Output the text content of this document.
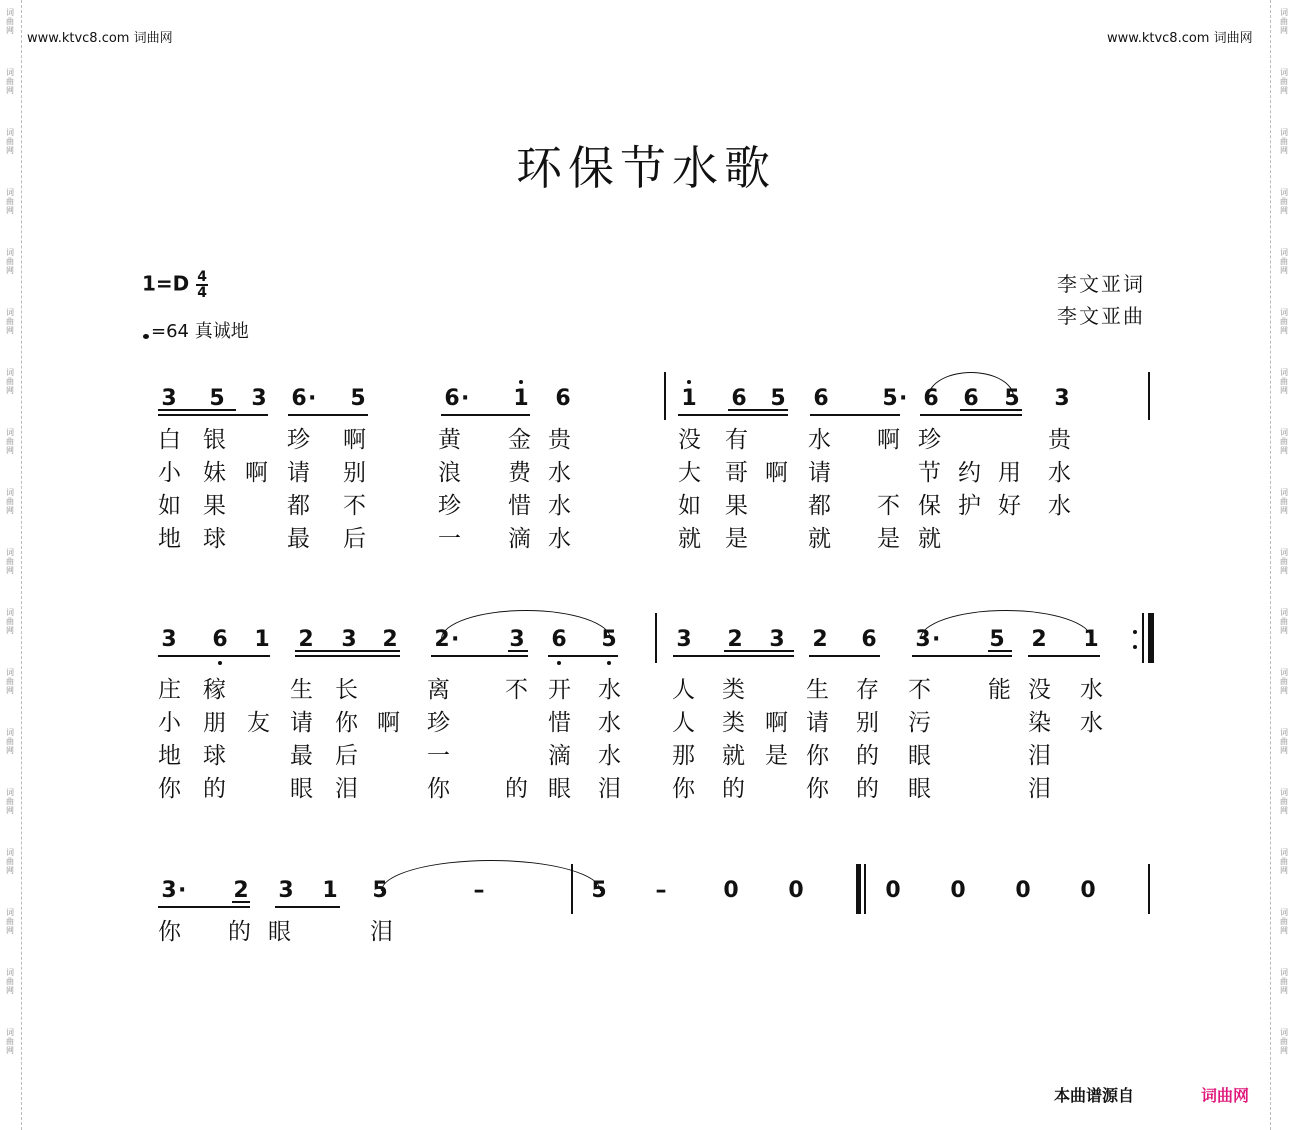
词
曲
网
词
曲
网
词
曲
网
词
曲
网
词
曲
网
词
曲
网
词
曲
网
词
曲
网
词
曲
网
词
曲
网
词
曲
网
词
曲
网
词
曲
网
词
曲
网
词
曲
网
词
曲
网
词
曲
网
词
曲
网
词
曲
网
词
曲
网
词
曲
网
词
曲
网
词
曲
网
词
曲
网
词
曲
网
词
曲
网
词
曲
网
词
曲
网
词
曲
网
词
曲
网
词
曲
网
词
曲
网
词
曲
网
词
曲
网
词
曲
网
词
曲
网
www.ktvc8.com 词曲网	www.ktvc8.com 词曲网
环保节水歌
$1=D \frac{4}{4}$
=64 真诚地
李文亚词
李文亚曲
3 5 3 6 · 5	6 · 1 6	1 6 5 6 5 · 6 6 5 3
白 银	珍 啊	黄 金 贵	没 有	水 啊 珍	贵
小 妹 啊 请 别	浪 费 水	大 哥 啊 请	节 约 用 水
如 果	都 不	珍 惜 水	如 果	都 不 保 护 好 水
地 球	最 后	一 滴 水	就 是	就 是 就
3 6 1 2 3 2 2 · 3 6 5	3 2 3 2 6 3 · 5 2 1
庄 稼	生 长	离 不 开 水 人 类	生 存 不 能 没 水
小 朋 友 请 你 啊 珍	惜 水 人 类 啊 请 别 污	染 水
地 球	最 后	一	滴 水 那 就 是 你 的 眼	泪
你 的	眼 泪	你 的 眼 泪 你 的	你 的 眼	泪
3 · 2 3 1 5	–	5 –	0 0	0 0 0 0
你 的 眼	泪
本曲谱源自	词曲网
